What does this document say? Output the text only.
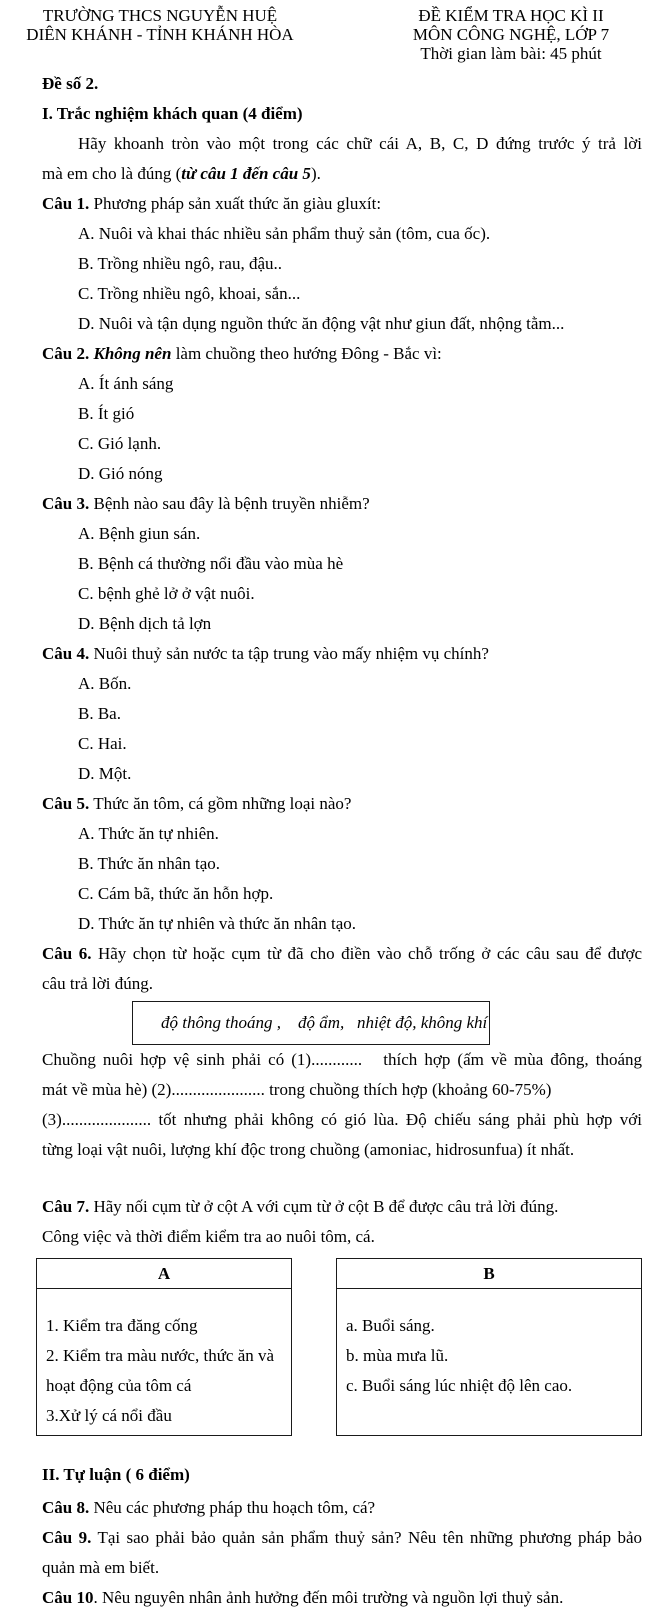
TRƯỜNG THCS NGUYỄN HUỆ
DIÊN KHÁNH - TỈNH KHÁNH HÒA
ĐỀ KIỂM TRA HỌC KÌ II
MÔN CÔNG NGHỆ, LỚP 7
Thời gian làm bài: 45 phút

Đề số 2.

I. Trắc nghiệm khách quan (4 điểm)

Hãy khoanh tròn vào một trong các chữ cái A, B, C, D đứng trước ý trả lời

mà em cho là đúng (từ câu 1 đến câu 5).

Câu 1. Phương pháp sản xuất thức ăn giàu gluxít:

A. Nuôi và khai thác nhiều sản phẩm thuỷ sản (tôm, cua ốc).

B. Trồng nhiều ngô, rau, đậu..

C. Trồng nhiều ngô, khoai, sắn...

D. Nuôi và tận dụng nguồn thức ăn động vật như giun đất, nhộng tằm...

Câu 2. Không nên làm chuồng theo hướng Đông - Bắc vì:

A. Ít ánh sáng

B. Ít gió

C. Gió lạnh.

D. Gió nóng

Câu 3. Bệnh nào sau đây là bệnh truyền nhiễm?

A. Bệnh giun sán.

B. Bệnh cá thường nổi đầu vào mùa hè

C. bệnh ghẻ lở ở vật nuôi.

D. Bệnh dịch tả lợn

Câu 4. Nuôi thuỷ sản nước ta tập trung vào mấy nhiệm vụ chính?

A. Bốn.

B. Ba.

C. Hai.

D. Một.

Câu 5. Thức ăn tôm, cá gồm những loại nào?

A. Thức ăn tự nhiên.

B. Thức ăn nhân tạo.

C. Cám bã, thức ăn hỗn hợp.

D. Thức ăn tự nhiên và thức ăn nhân tạo.

Câu 6. Hãy chọn từ hoặc cụm từ đã cho điền vào chỗ trống ở các câu sau để được

câu trả lời đúng.

độ thông thoáng ,    độ ẩm,   nhiệt độ, không khí

Chuồng nuôi hợp vệ sinh phải có (1)............   thích hợp (ấm về mùa đông, thoáng

mát về mùa hè) (2)...................... trong chuồng thích hợp (khoảng 60-75%)

(3)..................... tốt nhưng phải không có gió lùa. Độ chiếu sáng phải phù hợp với

từng loại vật nuôi, lượng khí độc trong chuồng (amoniac, hidrosunfua) ít nhất.

Câu 7. Hãy nối cụm từ ở cột A với cụm từ ở cột B để được câu trả lời đúng.

Công việc và thời điểm kiểm tra ao nuôi tôm, cá.

A

1. Kiểm tra đăng cống

2. Kiểm tra màu nước, thức ăn và

hoạt động của tôm cá

3.Xử lý cá nổi đầu

B

a. Buổi sáng.

b. mùa mưa lũ.

c. Buổi sáng lúc nhiệt độ lên cao.

II. Tự luận ( 6 điểm)

Câu 8. Nêu các phương pháp thu hoạch tôm, cá?

Câu 9. Tại sao phải bảo quản sản phẩm thuỷ sản? Nêu tên những phương pháp bảo

quản mà em biết.

Câu 10. Nêu nguyên nhân ảnh hưởng đến môi trường và nguồn lợi thuỷ sản.
